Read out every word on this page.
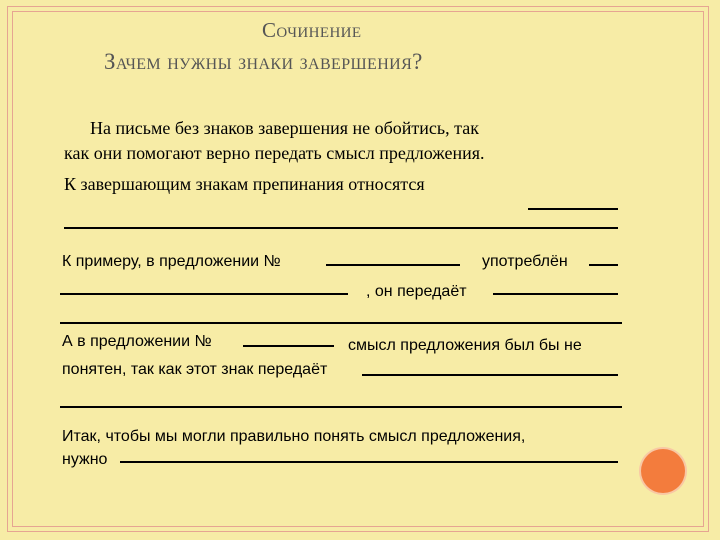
Сочинение
Зачем нужны знаки завершения?
На письме без знаков завершения не обойтись, так
как они помогают верно передать смысл предложения.
К завершающим знакам препинания относятся
К примеру, в предложении №	употреблён
, он передаёт
А в предложении №	смысл предложения был бы не
понятен, так как этот знак передаёт
Итак, чтобы мы могли правильно понять смысл предложения,
нужно
